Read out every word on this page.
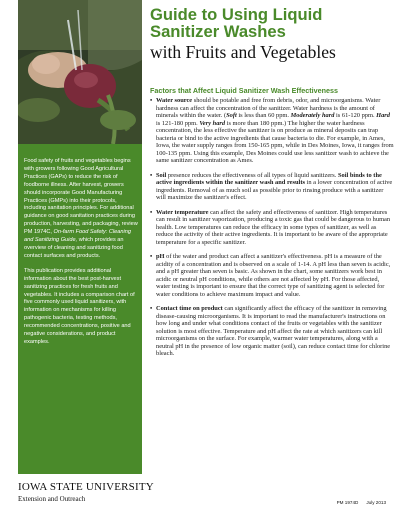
Food safety of fruits and vegetables begins with growers following Good Agricultural Practices (GAPs) to reduce the risk of foodborne illness. After harvest, growers should incorporate Good Manufacturing Practices (GMPs) into their protocols, including sanitation principles. For additional guidance on good sanitation practices during production, harvesting, and packaging, review PM 1974C, On-farm Food Safety: Cleaning and Sanitizing Guide, which provides an overview of cleaning and sanitizing food contact surfaces and products.

This publication provides additional information about the best post-harvest sanitizing practices for fresh fruits and vegetables. It includes a comparison chart of five commonly used liquid sanitizers, with information on mechanisms for killing pathogenic bacteria, testing methods, recommended concentrations, positive and negative considerations, and product examples.

Guide to Using Liquid
Sanitizer Washes
with Fruits and Vegetables
Factors that Affect Liquid Sanitizer Wash Effectiveness
• Water source should be potable and free from debris, odor, and microorganisms. Water hardness can affect the concentration of the sanitizer. Water hardness is the amount of minerals within the water. (Soft is less than 60 ppm. Moderately hard is 61-120 ppm. Hard is 121-180 ppm. Very hard is more than 180 ppm.) The higher the water hardness concentration, the less effective the sanitizer is on produce as mineral deposits can trap bacteria or bind to the active ingredients that cause bacteria to die. For example, in Ames, Iowa, the water supply ranges from 150-165 ppm, while in Des Moines, Iowa, it ranges from 100-135 ppm. Using this example, Des Moines could use less sanitizer wash to achieve the same sanitizer concentration as Ames.
• Soil presence reduces the effectiveness of all types of liquid sanitizers. Soil binds to the active ingredients within the sanitizer wash and results in a lower concentration of active ingredients. Removal of as much soil as possible prior to rinsing produce with a sanitizer will maximize the sanitizer's effect.
• Water temperature can affect the safety and effectiveness of sanitizer. High temperatures can result in sanitizer vaporization, producing a toxic gas that could be dangerous to human health. Low temperatures can reduce the efficacy in some types of sanitizer, as well as reduce the activity of their active ingredients. It is important to be aware of the appropriate temperature for a specific sanitizer.
• pH of the water and product can affect a sanitizer's effectiveness. pH is a measure of the acidity of a concentration and is observed on a scale of 1-14. A pH less than seven is acidic, and a pH greater than seven is basic. As shown in the chart, some sanitizers work best in acidic or neutral pH conditions, while others are not affected by pH. For those affected, water testing is important to ensure that the correct type of sanitizing agent is selected for water conditions to achieve maximum impact and value.
• Contact time on product can significantly affect the efficacy of the sanitizer in removing disease-causing microorganisms. It is important to read the manufacturer's instructions on how long and under what conditions contact of the fruits or vegetables with the sanitizer solution is most effective. Temperature and pH affect the rate at which sanitizers can kill microorganisms on the surface. For example, warmer water temperatures, along with a neutral pH in the presence of low organic matter (soil), can reduce contact time for chlorine bleach.
IOWA STATE UNIVERSITY
Extension and Outreach	PM 1974D July 2013
